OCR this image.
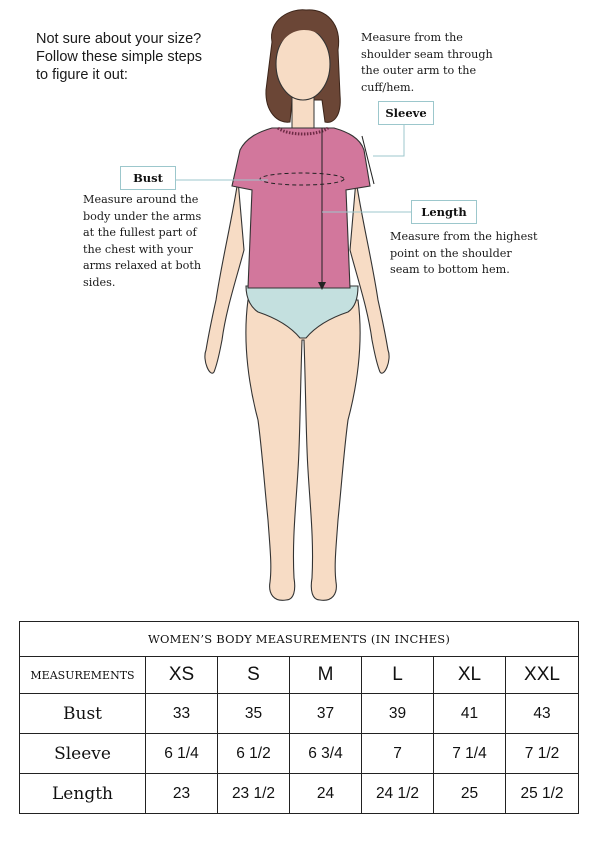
Not sure about your size?
Follow these simple steps
to figure it out:
Measure from the
shoulder seam through
the outer arm to the
cuff/hem.
Sleeve
Bust
Measure around the
body under the arms
at the fullest part of
the chest with your
arms relaxed at both
sides.
Length
Measure from the highest
point on the shoulder
seam to bottom hem.
WOMEN’S BODY MEASUREMENTS (IN INCHES)						
MEASUREMENTS	XS	S	M	L	XL	XXL
Bust	33	35	37	39	41	43
Sleeve	6 1/4	6 1/2	6 3/4	7	7 1/4	7 1/2
Length	23	23 1/2	24	24 1/2	25	25 1/2
